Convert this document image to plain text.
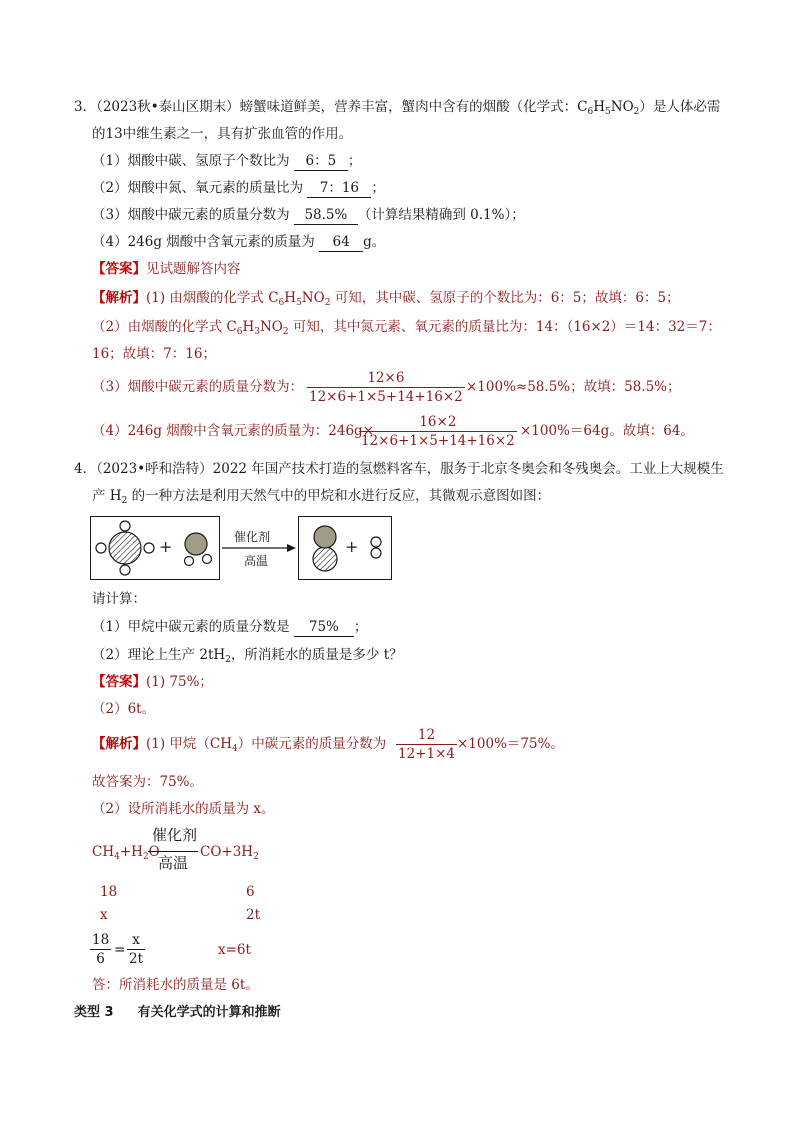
3．（2023秋•泰山区期末）螃蟹味道鲜美，营养丰富，蟹肉中含有的烟酸（化学式：$C_6H_5NO_2$）是人体必需
的13中维生素之一，具有扩张血管的作用。
（1）烟酸中碳、氢原子个数比为 6：5 ；
（2）烟酸中氮、氧元素的质量比为 7：16 ；
（3）烟酸中碳元素的质量分数为 58.5% （计算结果精确到 0.1%）；
（4）246g 烟酸中含氧元素的质量为 64 g。
【答案】见试题解答内容
【解析】(1) 由烟酸的化学式 $C_6H_5NO_2$ 可知，其中碳、氢原子的个数比为：6：5；故填：6：5；
（2）由烟酸的化学式 $C_6H_3NO_2$ 可知，其中氮元素、氧元素的质量比为：14：（16×2）＝14：32＝7：
16；故填：7：16；
（3）烟酸中碳元素的质量分数为： $\frac{12\times 6}{12\times 6+1\times 5+14+16\times 2} \times 100\%\approx 58.5\%$；故填：58.5%；
（4）246g 烟酸中含氧元素的质量为：246g×
$\frac{16\times 2}{12\times 6+1\times 5+14+16\times 2} \times 100\%=64g$。故填：64。
4．（2023•呼和浩特）2022 年国产技术打造的氢燃料客车，服务于北京冬奥会和冬残奥会。工业上大规模生
产 $H_2$ 的一种方法是利用天然气中的甲烷和水进行反应，其微观示意图如图：
+	催化剂
高温
+
请计算：
（1）甲烷中碳元素的质量分数是 75% ；
（2）理论上生产 $2tH_2$，所消耗水的质量是多少 t？
【答案】(1) 75%；
（2）6t。
【解析】(1) 甲烷$(CH_4)$中碳元素的质量分数为 $\frac{12}{12+1\times 4} \times 100\%=75\%$。
故答案为：75%。
（2）设所消耗水的质量为 x。
$CH_4+H_2O$
催化剂
高温
$CO+3H_2$
18	6
x	2t
$\frac{18}{6} = \frac{x}{2t}$	x=6t
答：所消耗水的质量是 6t。
类型 3 有关化学式的计算和推断
